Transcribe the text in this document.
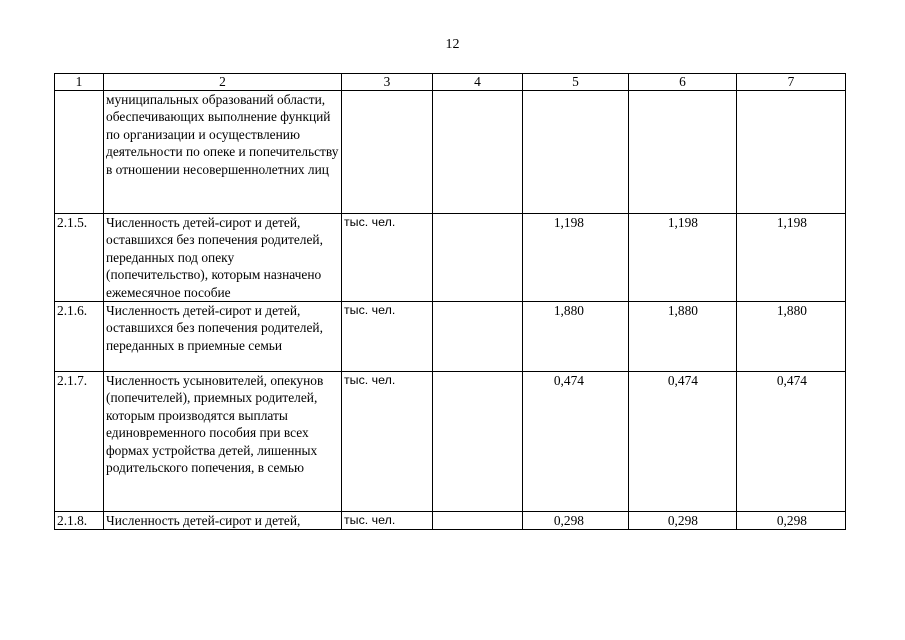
12
1	2	3	4	5	6	7

	муниципальных образований области, обеспечивающих выполнение функций по организации и осуществлению деятельности по опеке и попечительству в отношении несовершеннолетних лиц					

2.1.5.	Численность детей-сирот и детей, оставшихся без попечения родителей, переданных под опеку (попечительство), которым назначено ежемесячное пособие	тыс. чел.		1,198	1,198	1,198
2.1.6.	Численность детей-сирот и детей, оставшихся без попечения родителей, переданных в приемные семьи	тыс. чел.		1,880	1,880	1,880
2.1.7.	Численность усыновителей, опекунов (попечителей), приемных родителей, которым производятся выплаты единовременного пособия при всех формах устройства детей, лишенных родительского попечения, в семью	тыс. чел.		0,474	0,474	0,474
2.1.8.	Численность детей-сирот и детей,	тыс. чел.		0,298	0,298	0,298
